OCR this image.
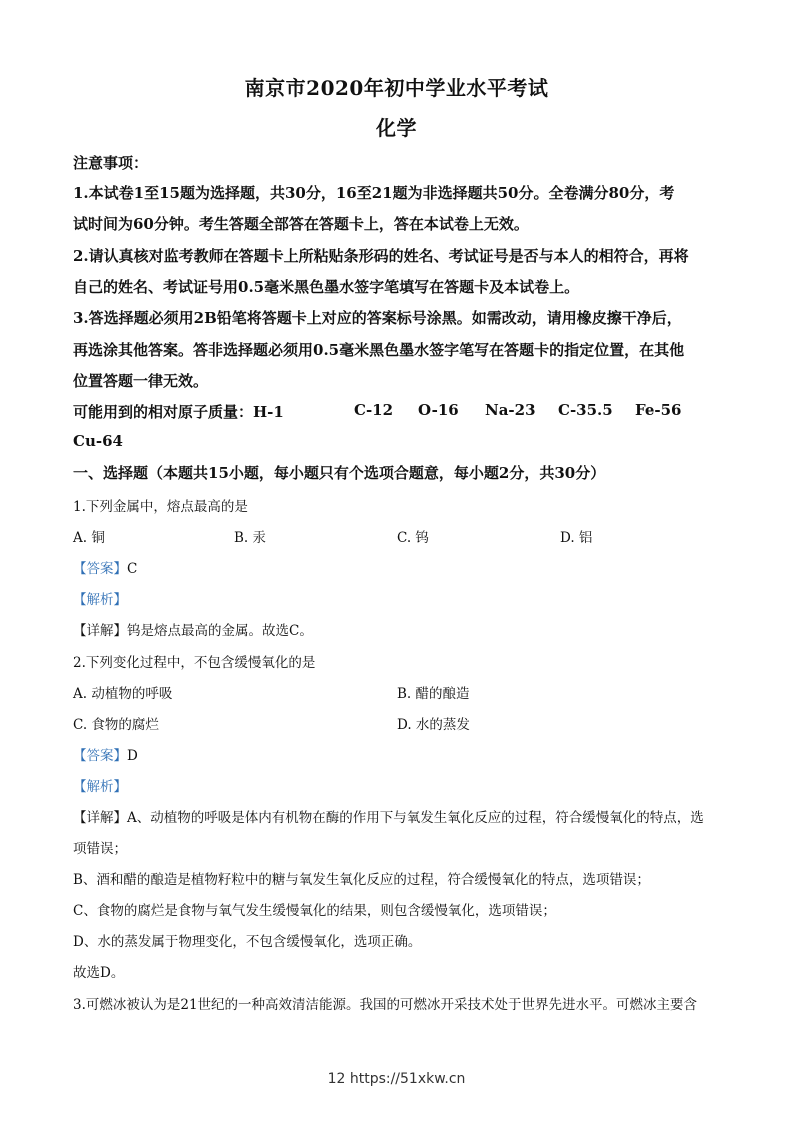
南京市2020年初中学业水平考试
化学
注意事项：
1.本试卷1至15题为选择题，共30分，16至21题为非选择题共50分。全卷满分80分，考
试时间为60分钟。考生答题全部答在答题卡上，答在本试卷上无效。
2.请认真核对监考教师在答题卡上所粘贴条形码的姓名、考试证号是否与本人的相符合，再将
自己的姓名、考试证号用0.5毫米黑色墨水签字笔填写在答题卡及本试卷上。
3.答选择题必须用2B铅笔将答题卡上对应的答案标号涂黑。如需改动，请用橡皮擦干净后，
再选涂其他答案。答非选择题必须用0.5毫米黑色墨水签字笔写在答题卡的指定位置，在其他
位置答题一律无效。
可能用到的相对原子质量：H-1	C-12 O-16 Na-23 C-35.5 Fe-56
Cu-64
一、选择题（本题共15小题，每小题只有个选项合题意，每小题2分，共30分）
1.下列金属中，熔点最高的是
A. 铜	B. 汞	C. 钨	D. 铝
【答案】C
【解析】
【详解】钨是熔点最高的金属。故选C。
2.下列变化过程中，不包含缓慢氧化的是
A. 动植物的呼吸	B. 醋的酿造
C. 食物的腐烂	D. 水的蒸发
【答案】D
【解析】
【详解】A、动植物的呼吸是体内有机物在酶的作用下与氧发生氧化反应的过程，符合缓慢氧化的特点，选
项错误；
B、酒和醋的酿造是植物籽粒中的糖与氧发生氧化反应的过程，符合缓慢氧化的特点，选项错误；
C、食物的腐烂是食物与氧气发生缓慢氧化的结果，则包含缓慢氧化，选项错误；
D、水的蒸发属于物理变化，不包含缓慢氧化，选项正确。
故选D。
3.可燃冰被认为是21世纪的一种高效清洁能源。我国的可燃冰开采技术处于世界先进水平。可燃冰主要含
12 https://51xkw.cn
